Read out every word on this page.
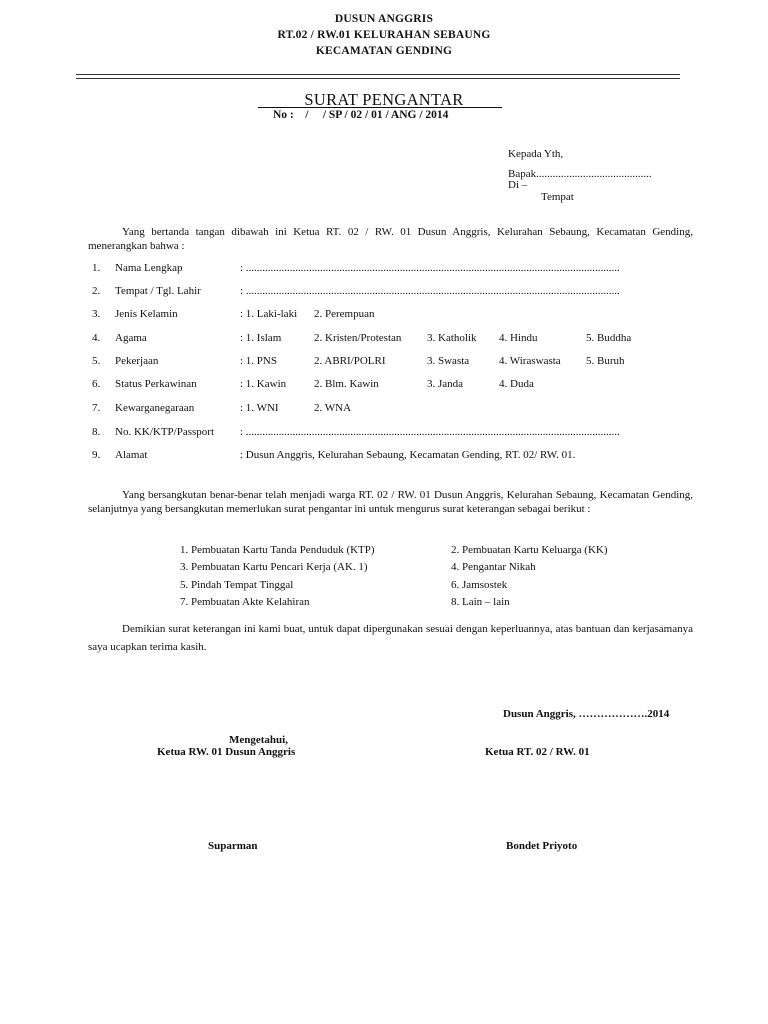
DUSUN ANGGRIS
RT.02 / RW.01 KELURAHAN SEBAUNG
KECAMATAN GENDING
SURAT PENGANTAR
No :    /     / SP / 02 / 01 / ANG / 2014
Kepada Yth,
Bapak..........................................
Di –
Tempat
Yang bertanda tangan dibawah ini Ketua RT. 02 / RW. 01 Dusun Anggris, Kelurahan Sebaung, Kecamatan Gending, menerangkan bahwa :
1. Nama Lengkap	: ........................................................................................................................................
2. Tempat / Tgl. Lahir	: ........................................................................................................................................
3. Jenis Kelamin	: 1. Laki-laki 2. Perempuan
4. Agama	: 1. Islam	2. Kristen/Protestan 3. Katholik 4. Hindu	5. Buddha
5. Pekerjaan	: 1. PNS	2. ABRI/POLRI	3. Swasta	4. Wiraswasta 5. Buruh
6. Status Perkawinan	: 1. Kawin	2. Blm. Kawin	3. Janda	4. Duda
7. Kewarganegaraan	: 1. WNI	2. WNA
8. No. KK/KTP/Passport : ........................................................................................................................................
9. Alamat	: Dusun Anggris, Kelurahan Sebaung, Kecamatan Gending, RT. 02/ RW. 01.
Yang bersangkutan benar-benar telah menjadi warga RT. 02 / RW. 01 Dusun Anggris, Kelurahan Sebaung, Kecamatan Gending, selanjutnya yang bersangkutan memerlukan surat pengantar ini untuk mengurus surat keterangan sebagai berikut :
1. Pembuatan Kartu Tanda Penduduk (KTP)	2. Pembuatan Kartu Keluarga (KK)
3. Pembuatan Kartu Pencari Kerja (AK. 1)	4. Pengantar Nikah
5. Pindah Tempat Tinggal	6. Jamsostek
7. Pembuatan Akte Kelahiran	8. Lain – lain
Demikian surat keterangan ini kami buat, untuk dapat dipergunakan sesuai dengan keperluannya, atas bantuan dan kerjasamanya saya ucapkan terima kasih.
Dusun Anggris, ……………….2014
Mengetahui,
Ketua RW. 01 Dusun Anggris	Ketua RT. 02 / RW. 01
Suparman	Bondet Priyoto
